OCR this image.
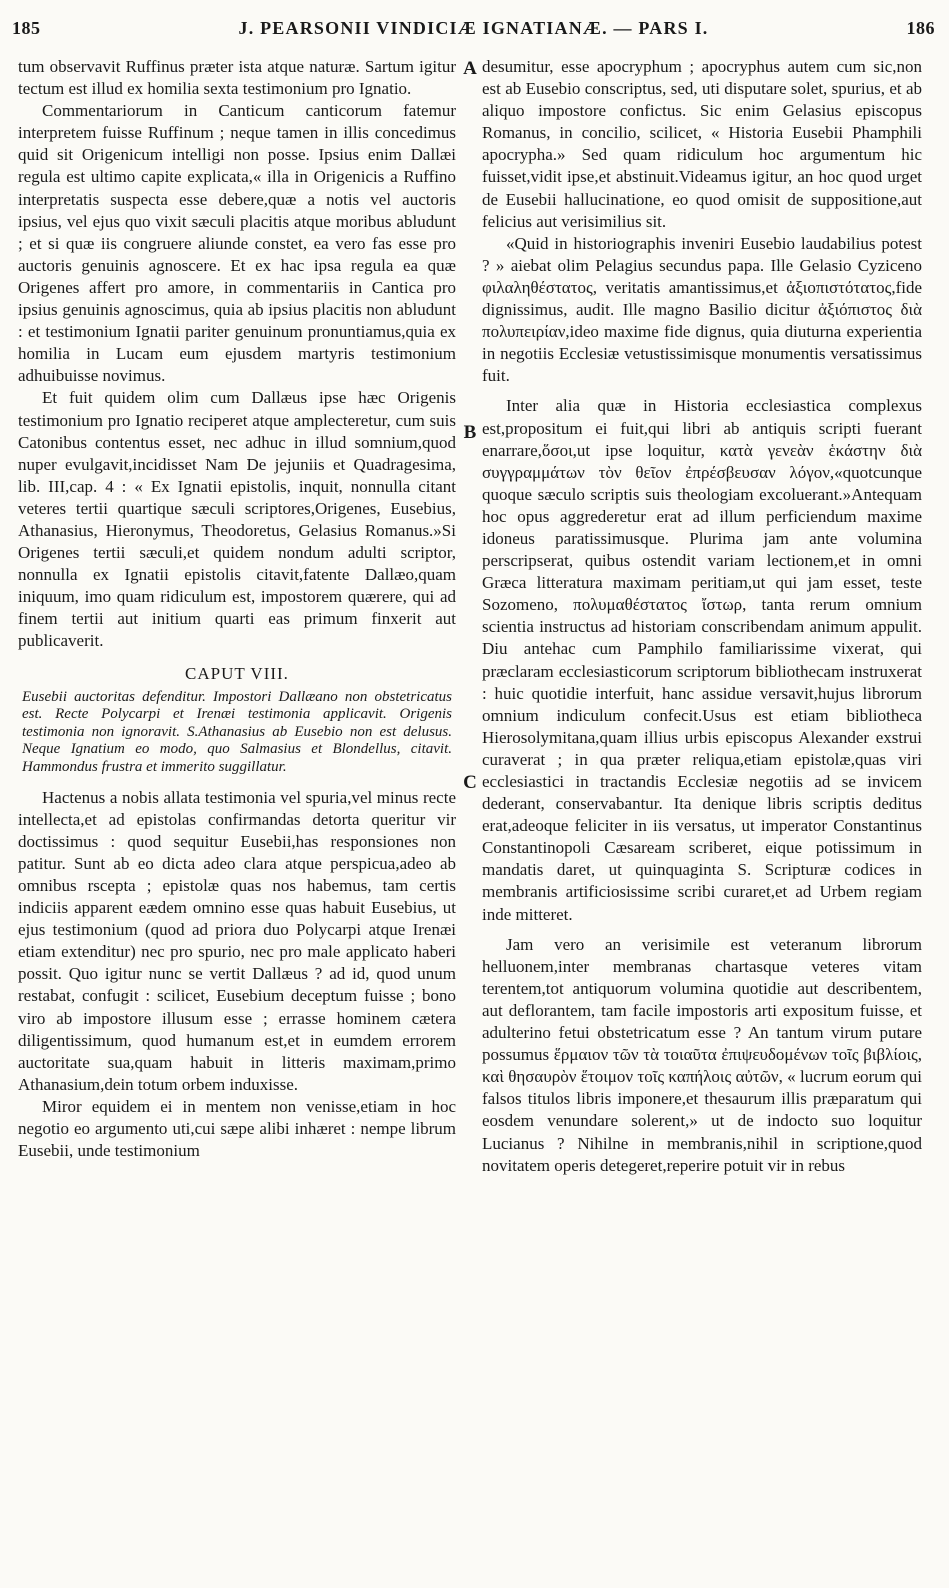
185	J. PEARSONII VINDICIÆ IGNATIANÆ. — PARS I.	186
A
B
C

tum observavit Ruffinus præter ista atque naturæ. Sartum igitur tectum est illud ex homilia sexta testimonium pro Ignatio.

Commentariorum in Canticum canticorum fatemur interpretem fuisse Ruffinum ; neque tamen in illis concedimus quid sit Origenicum intelligi non posse. Ipsius enim Dallæi regula est ultimo capite explicata,« illa in Origenicis a Ruffino interpretatis suspecta esse debere,quæ a notis vel auctoris ipsius, vel ejus quo vixit sæculi placitis atque moribus abludunt ; et si quæ iis congruere aliunde constet, ea vero fas esse pro auctoris genuinis agnoscere. Et ex hac ipsa regula ea quæ Origenes affert pro amore, in commentariis in Cantica pro ipsius genuinis agnoscimus, quia ab ipsius placitis non abludunt : et testimonium Ignatii pariter genuinum pronuntiamus,quia ex homilia in Lucam eum ejusdem martyris testimonium adhuibuisse novimus.

Et fuit quidem olim cum Dallæus ipse hæc Origenis testimonium pro Ignatio reciperet atque amplecteretur, cum suis Catonibus contentus esset, nec adhuc in illud somnium,quod nuper evulgavit,incidisset Nam De jejuniis et Quadragesima, lib. III,cap. 4 : « Ex Ignatii epistolis, inquit, nonnulla citant veteres tertii quartique sæculi scriptores,Origenes, Eusebius, Athanasius, Hieronymus, Theodoretus, Gelasius Romanus.»Si Origenes tertii sæculi,et quidem nondum adulti scriptor, nonnulla ex Ignatii epistolis citavit,fatente Dallæo,quam iniquum, imo quam ridiculum est, impostorem quærere, qui ad finem tertii aut initium quarti eas primum finxerit aut publicaverit.

CAPUT VIII.
Eusebii auctoritas defenditur. Impostori Dallæano non obstetricatus est. Recte Polycarpi et Irenæi testimonia applicavit. Origenis testimonia non ignoravit. S.Athanasius ab Eusebio non est delusus. Neque Ignatium eo modo, quo Salmasius et Blondellus, citavit. Hammondus frustra et immerito suggillatur.

Hactenus a nobis allata testimonia vel spuria,vel minus recte intellecta,et ad epistolas confirmandas detorta queritur vir doctissimus : quod sequitur Eusebii,has responsiones non patitur. Sunt ab eo dicta adeo clara atque perspicua,adeo ab omnibus rscepta ; epistolæ quas nos habemus, tam certis indiciis apparent eædem omnino esse quas habuit Eusebius, ut ejus testimonium (quod ad priora duo Polycarpi atque Irenæi etiam extenditur) nec pro spurio, nec pro male applicato haberi possit. Quo igitur nunc se vertit Dallæus ? ad id, quod unum restabat, confugit : scilicet, Eusebium deceptum fuisse ; bono viro ab impostore illusum esse ; errasse hominem cætera diligentissimum, quod humanum est,et in eumdem errorem auctoritate sua,quam habuit in litteris maximam,primo Athanasium,dein totum orbem induxisse.

Miror equidem ei in mentem non venisse,etiam in hoc negotio eo argumento uti,cui sæpe alibi inhæret : nempe librum Eusebii, unde testimonium

desumitur, esse apocryphum ; apocryphus autem cum sic,non est ab Eusebio conscriptus, sed, uti disputare solet, spurius, et ab aliquo impostore confictus. Sic enim Gelasius episcopus Romanus, in concilio, scilicet, « Historia Eusebii Phamphili apocrypha.» Sed quam ridiculum hoc argumentum hic fuisset,vidit ipse,et abstinuit.Videamus igitur, an hoc quod urget de Eusebii hallucinatione, eo quod omisit de suppositione,aut felicius aut verisimilius sit.

«Quid in historiographis inveniri Eusebio laudabilius potest ? » aiebat olim Pelagius secundus papa. Ille Gelasio Cyziceno φιλαληθέστατος, veritatis amantissimus,et ἀξιοπιστότατος,fide dignissimus, audit. Ille magno Basilio dicitur ἀξιόπιστος διὰ πολυπειρίαν,ideo maxime fide dignus, quia diuturna experientia in negotiis Ecclesiæ vetustissimisque monumentis versatissimus fuit.

Inter alia quæ in Historia ecclesiastica complexus est,propositum ei fuit,qui libri ab antiquis scripti fuerant enarrare,ὅσοι,ut ipse loquitur, κατὰ γενεὰν ἑκάστην διὰ συγγραμμάτων τὸν θεῖον ἐπρέσβευσαν λόγον,«quotcunque quoque sæculo scriptis suis theologiam excoluerant.»Antequam hoc opus aggrederetur erat ad illum perficiendum maxime idoneus paratissimusque. Plurima jam ante volumina perscripserat, quibus ostendit variam lectionem,et in omni Græca litteratura maximam peritiam,ut qui jam esset, teste Sozomeno, πολυμαθέστατος ἴστωρ, tanta rerum omnium scientia instructus ad historiam conscribendam animum appulit. Diu antehac cum Pamphilo familiarissime vixerat, qui præclaram ecclesiasticorum scriptorum bibliothecam instruxerat : huic quotidie interfuit, hanc assidue versavit,hujus librorum omnium indiculum confecit.Usus est etiam bibliotheca Hierosolymitana,quam illius urbis episcopus Alexander exstrui curaverat ; in qua præter reliqua,etiam epistolæ,quas viri ecclesiastici in tractandis Ecclesiæ negotiis ad se invicem dederant, conservabantur. Ita denique libris scriptis deditus erat,adeoque feliciter in iis versatus, ut imperator Constantinus Constantinopoli Cæsaream scriberet, eique potissimum in mandatis daret, ut quinquaginta S. Scripturæ codices in membranis artificiosissime scribi curaret,et ad Urbem regiam inde mitteret.

Jam vero an verisimile est veteranum librorum helluonem,inter membranas chartasque veteres vitam terentem,tot antiquorum volumina quotidie aut describentem, aut deflorantem, tam facile impostoris arti expositum fuisse, et adulterino fetui obstetricatum esse ? An tantum virum putare possumus ἕρμαιον τῶν τὰ τοιαῦτα ἐπιψευδομένων τοῖς βιβλίοις, καὶ θησαυρὸν ἕτοιμον τοῖς καπήλοις αὐτῶν, « lucrum eorum qui falsos titulos libris imponere,et thesaurum illis præparatum qui eosdem venundare solerent,» ut de indocto suo loquitur Lucianus ? Nihilne in membranis,nihil in scriptione,quod novitatem operis detegeret,reperire potuit vir in rebus
